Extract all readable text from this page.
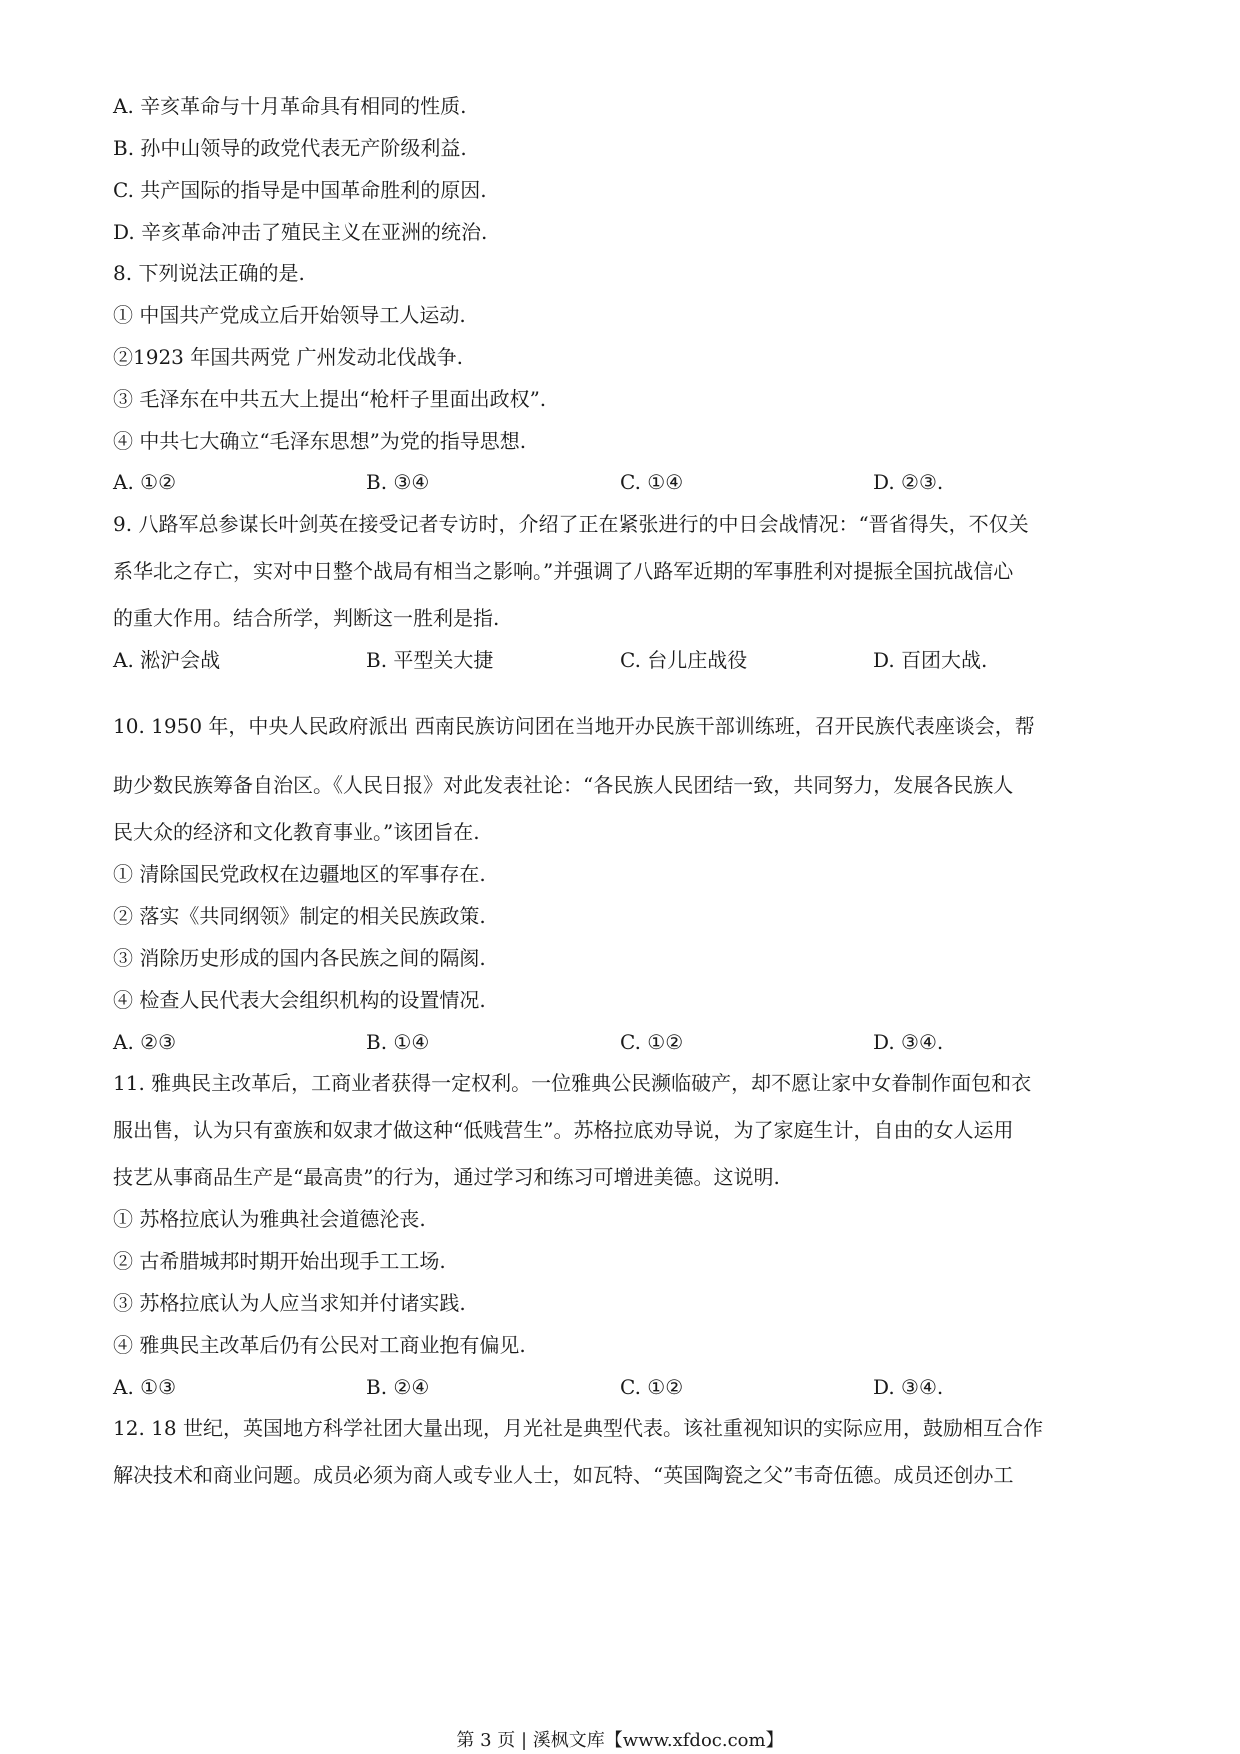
A. 辛亥革命与十月革命具有相同的性质.
B. 孙中山领导的政党代表无产阶级利益.
C. 共产国际的指导是中国革命胜利的原因.
D. 辛亥革命冲击了殖民主义在亚洲的统治.
8. 下列说法正确的是.
① 中国共产党成立后开始领导工人运动.
②1923 年国共两党 广州发动北伐战争.
③ 毛泽东在中共五大上提出“枪杆子里面出政权”.
④ 中共七大确立“毛泽东思想”为党的指导思想.
A. ①②	B. ③④	C. ①④	D. ②③.
9. 八路军总参谋长叶剑英在接受记者专访时，介绍了正在紧张进行的中日会战情况：“晋省得失，不仅关
系华北之存亡，实对中日整个战局有相当之影响。”并强调了八路军近期的军事胜利对提振全国抗战信心
的重大作用。结合所学，判断这一胜利是指.
A. 淞沪会战	B. 平型关大捷	C. 台儿庄战役	D. 百团大战.
10. 1950 年，中央人民政府派出 西南民族访问团在当地开办民族干部训练班，召开民族代表座谈会，帮
助少数民族筹备自治区。《人民日报》对此发表社论：“各民族人民团结一致，共同努力，发展各民族人
民大众的经济和文化教育事业。”该团旨在.
① 清除国民党政权在边疆地区的军事存在.
② 落实《共同纲领》制定的相关民族政策.
③ 消除历史形成的国内各民族之间的隔阂.
④ 检查人民代表大会组织机构的设置情况.
A. ②③	B. ①④	C. ①②	D. ③④.
11. 雅典民主改革后，工商业者获得一定权利。一位雅典公民濒临破产，却不愿让家中女眷制作面包和衣
服出售，认为只有蛮族和奴隶才做这种“低贱营生”。苏格拉底劝导说，为了家庭生计，自由的女人运用
技艺从事商品生产是“最高贵”的行为，通过学习和练习可增进美德。这说明.
① 苏格拉底认为雅典社会道德沦丧.
② 古希腊城邦时期开始出现手工工场.
③ 苏格拉底认为人应当求知并付诸实践.
④ 雅典民主改革后仍有公民对工商业抱有偏见.
A. ①③	B. ②④	C. ①②	D. ③④.
12. 18 世纪，英国地方科学社团大量出现，月光社是典型代表。该社重视知识的实际应用，鼓励相互合作
解决技术和商业问题。成员必须为商人或专业人士，如瓦特、“英国陶瓷之父”韦奇伍德。成员还创办工
第 3 页 | 溪枫文库【www.xfdoc.com】
